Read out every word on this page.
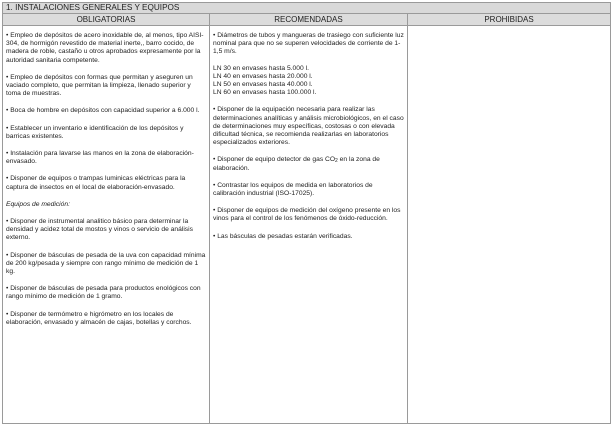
1. INSTALACIONES GENERALES Y EQUIPOS
OBLIGATORIAS	RECOMENDADAS	PROHIBIDAS

• Empleo de depósitos de acero inoxidable de, al menos, tipo AISI-304, de hormigón revestido de material inerte,, barro cocido, de madera de roble, castaño u otros aprobados expresamente por la autoridad sanitaria competente.

• Empleo de depósitos con formas que permitan y aseguren un vaciado completo, que permitan la limpieza, llenado superior y toma de muestras.

• Boca de hombre en depósitos con capacidad superior a 6.000 l.

• Establecer un inventario e identificación de los depósitos y barricas existentes.

• Instalación para lavarse las manos en la zona de elaboración-envasado.

• Disponer de equipos o trampas luminicas eléctricas para la captura de insectos en el local de elaboración-envasado.

Equipos de medición:

• Disponer de instrumental analitico básico para determinar la densidad y acidez total de mostos y vinos o servicio de análisis externo.

• Disponer de básculas de pesada de la uva con capacidad mínima de 200 kg/pesada y siempre con rango mínimo de medición de 1 kg.

• Disponer de básculas de pesada para productos enológicos con rango mínimo de medición de 1 gramo.

• Disponer de termómetro e higrómetro en los locales de elaboración, envasado y almacén de cajas, botellas y corchos.

• Diámetros de tubos y mangueras de trasiego con suficiente luz nominal para que no se superen velocidades de corriente de 1-1,5 m/s.

LN 30 en envases hasta 5.000 l.

LN 40 en envases hasta 20.000 l.

LN 50 en envases hasta 40.000 l.

LN 60 en envases hasta 100.000 l.

• Disponer de la equipación necesaria para realizar las determinaciones analíticas y análisis microbiológicos, en el caso de determinaciones muy específicas, costosas o con elevada dificultad técnica, se recomienda realizarlas en laboratorios especializados exteriores.

• Disponer de equipo detector de gas $CO_2$ en la zona de elaboración.

• Contrastar los equipos de medida en laboratorios de calibración industrial (ISO-17025).

• Disponer de equipos de medición del oxígeno presente en los vinos para el control de los fenómenos de óxido-reducción.

• Las básculas de pesadas estarán verificadas.
